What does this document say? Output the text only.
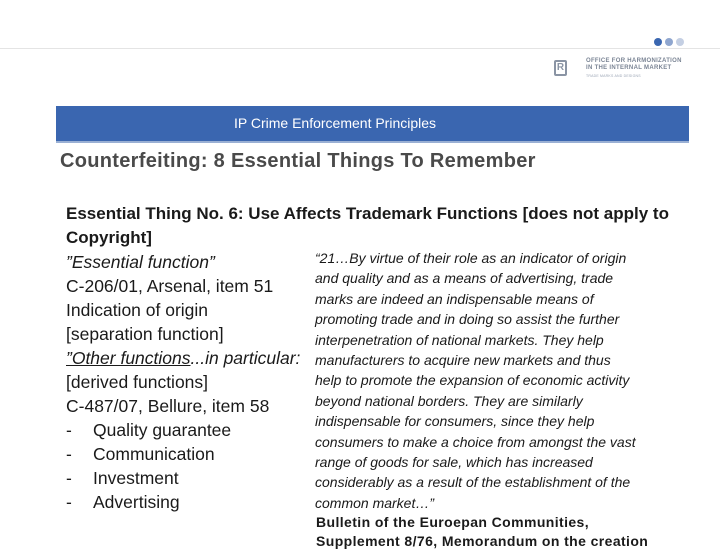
R
OFFICE FOR HARMONIZATION
IN THE INTERNAL MARKET
TRADE MARKS AND DESIGNS
IP Crime Enforcement Principles
Counterfeiting: 8 Essential Things To Remember
Essential Thing No. 6: Use Affects Trademark Functions [does not apply to Copyright]
”Essential function”
C-206/01, Arsenal, item 51
Indication of origin
[separation function]
”Other functions...in particular:
[derived functions]
C-487/07, Bellure, item 58
- Quality guarantee
- Communication
- Investment
- Advertising
“21…By virtue of their role as an indicator of origin
and quality and as a means of advertising, trade
marks are indeed an indispensable means of
promoting trade and in doing so assist the further
interpenetration of national markets. They help
manufacturers to acquire new markets and thus
help to promote the expansion of economic activity
beyond national borders. They are similarly
indispensable for consumers, since they help
consumers to make a choice from amongst the vast
range of goods for sale, which has increased
considerably as a result of the establishment of the
common market…”
Bulletin of the Euroepan Communities,
Supplement 8/76, Memorandum on the creation
